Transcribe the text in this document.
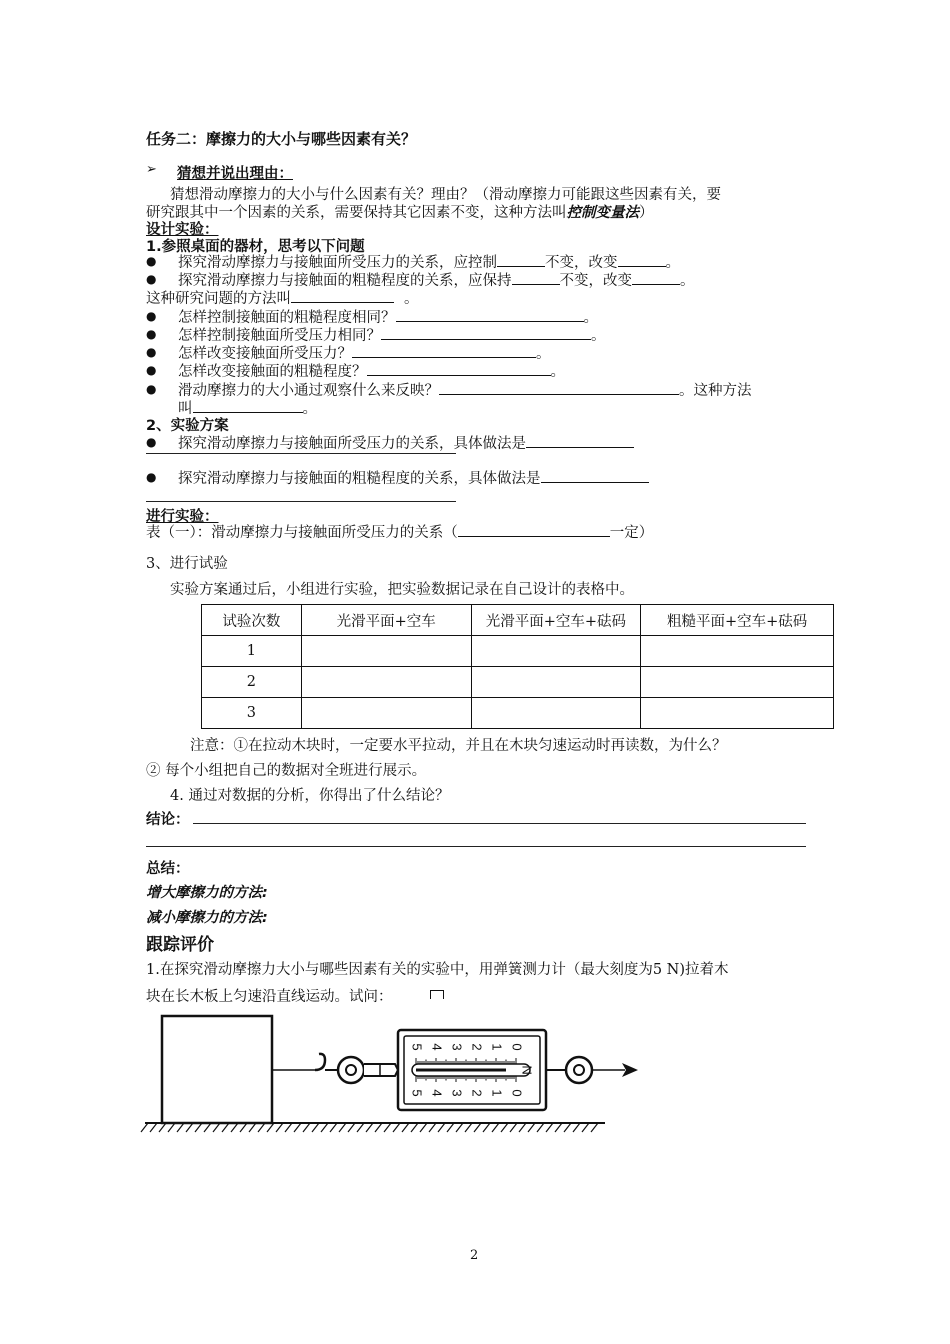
任务二：摩擦力的大小与哪些因素有关？
➢ 猜想并说出理由：
猜想滑动摩擦力的大小与什么因素有关？理由？（滑动摩擦力可能跟这些因素有关，要
研究跟其中一个因素的关系，需要保持其它因素不变，这种方法叫控制变量法）
设计实验：
1.参照桌面的器材，思考以下问题
● 探究滑动摩擦力与接触面所受压力的关系，应控制	不变，改变	。
● 探究滑动摩擦力与接触面的粗糙程度的关系，应保持	不变，改变	。
这种研究问题的方法叫	。
● 怎样控制接触面的粗糙程度相同？	。
● 怎样控制接触面所受压力相同？	。
● 怎样改变接触面所受压力？	。
● 怎样改变接触面的粗糙程度？	。
● 滑动摩擦力的大小通过观察什么来反映？	。这种方法
叫	。
2、实验方案
● 探究滑动摩擦力与接触面所受压力的关系，具体做法是
● 探究滑动摩擦力与接触面的粗糙程度的关系，具体做法是
进行实验：
表（一）：滑动摩擦力与接触面所受压力的关系（	一定）
3、进行试验
实验方案通过后，小组进行实验，把实验数据记录在自己设计的表格中。
试验次数	光滑平面+空车	光滑平面+空车+砝码	粗糙平面+空车+砝码
1			
2			
3			
注意：①在拉动木块时，一定要水平拉动，并且在木块匀速运动时再读数，为什么？
② 每个小组把自己的数据对全班进行展示。
4. 通过对数据的分析，你得出了什么结论？
结论：
总结：
增大摩擦力的方法:
减小摩擦力的方法:
跟踪评价
1.在探究滑动摩擦力大小与哪些因素有关的实验中，用弹簧测力计（最大刻度为5 N)拉着木
块在长木板上匀速沿直线运动。试问：
5 4 3 2 1 0
5 4 3 2 1 0
N
2
